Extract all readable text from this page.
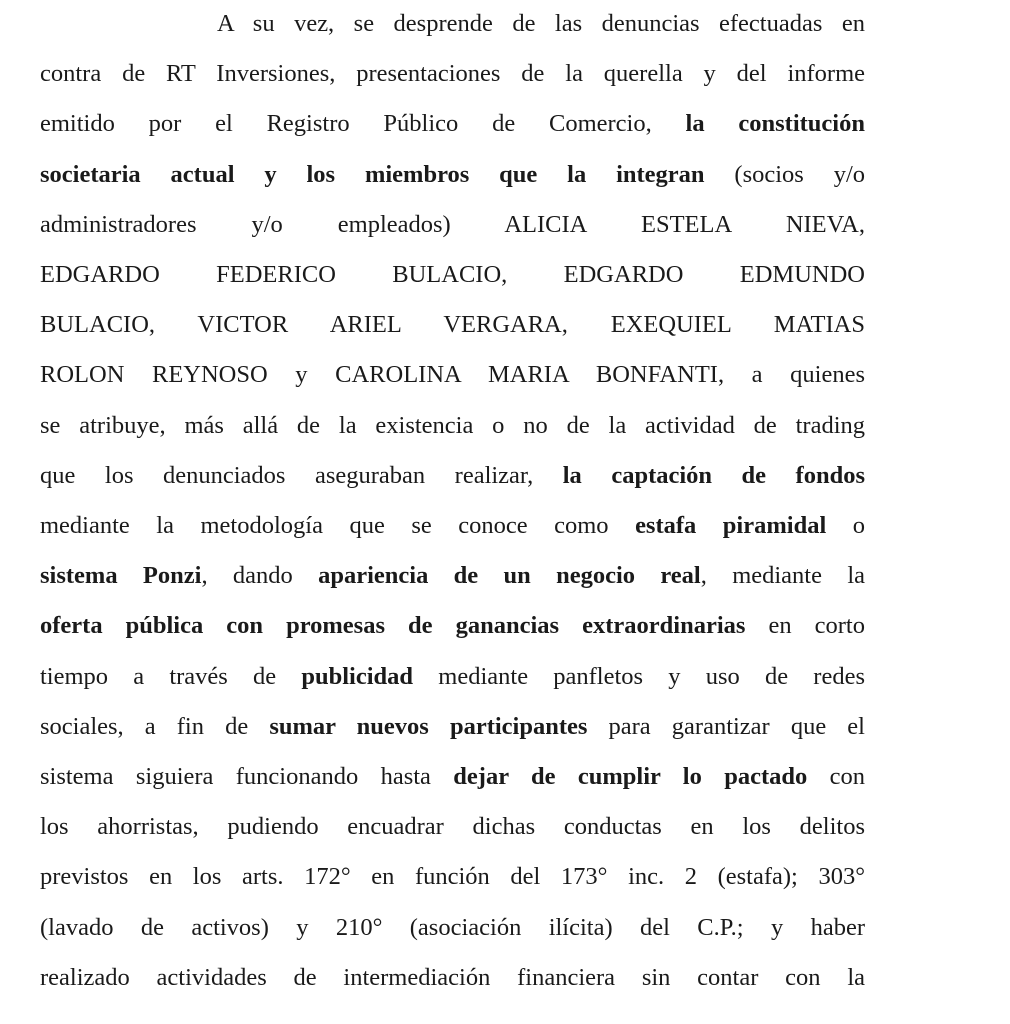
A su vez, se desprende de las denuncias efectuadas en
contra de RT Inversiones, presentaciones de la querella y del informe
emitido por el Registro Público de Comercio, la constitución
societaria actual y los miembros que la integran (socios y/o
administradores y/o empleados) ALICIA ESTELA NIEVA,
EDGARDO FEDERICO BULACIO, EDGARDO EDMUNDO
BULACIO, VICTOR ARIEL VERGARA, EXEQUIEL MATIAS
ROLON REYNOSO y CAROLINA MARIA BONFANTI, a quienes
se atribuye, más allá de la existencia o no de la actividad de trading
que los denunciados aseguraban realizar, la captación de fondos
mediante la metodología que se conoce como estafa piramidal o
sistema Ponzi, dando apariencia de un negocio real, mediante la
oferta pública con promesas de ganancias extraordinarias en corto
tiempo a través de publicidad mediante panfletos y uso de redes
sociales, a fin de sumar nuevos participantes para garantizar que el
sistema siguiera funcionando hasta dejar de cumplir lo pactado con
los ahorristas, pudiendo encuadrar dichas conductas en los delitos
previstos en los arts. 172° en función del 173° inc. 2 (estafa); 303°
(lavado de activos) y 210° (asociación ilícita) del C.P.; y haber
realizado actividades de intermediación financiera sin contar con la
